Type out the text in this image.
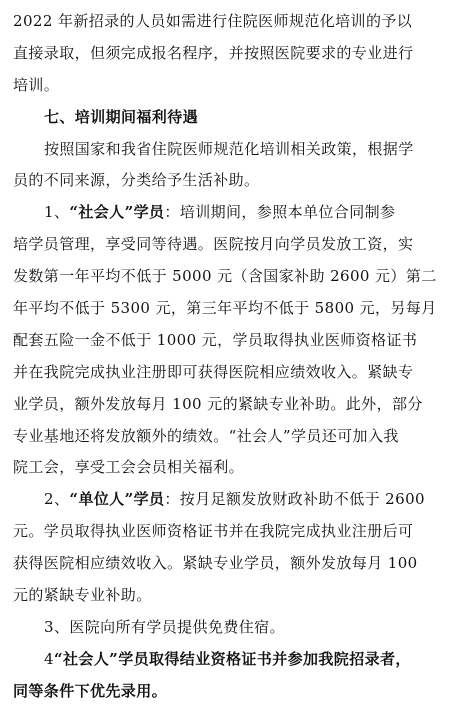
2022 年新招录的人员如需进行住院医师规范化培训的予以
直接录取，但须完成报名程序，并按照医院要求的专业进行
培训。
七、培训期间福利待遇
按照国家和我省住院医师规范化培训相关政策，根据学
员的不同来源，分类给予生活补助。
1、“社会人”学员：培训期间，参照本单位合同制参
培学员管理，享受同等待遇。医院按月向学员发放工资，实
发数第一年平均不低于 5000 元（含国家补助 2600 元）第二
年平均不低于 5300 元，第三年平均不低于 5800 元，另每月
配套五险一金不低于 1000 元，学员取得执业医师资格证书
并在我院完成执业注册即可获得医院相应绩效收入。紧缺专
业学员，额外发放每月 100 元的紧缺专业补助。此外，部分
专业基地还将发放额外的绩效。“社会人”学员还可加入我
院工会，享受工会会员相关福利。
2、“单位人”学员：按月足额发放财政补助不低于 2600
元。学员取得执业医师资格证书并在我院完成执业注册后可
获得医院相应绩效收入。紧缺专业学员，额外发放每月 100
元的紧缺专业补助。
3、医院向所有学员提供免费住宿。
4“社会人”学员取得结业资格证书并参加我院招录者，
同等条件下优先录用。
